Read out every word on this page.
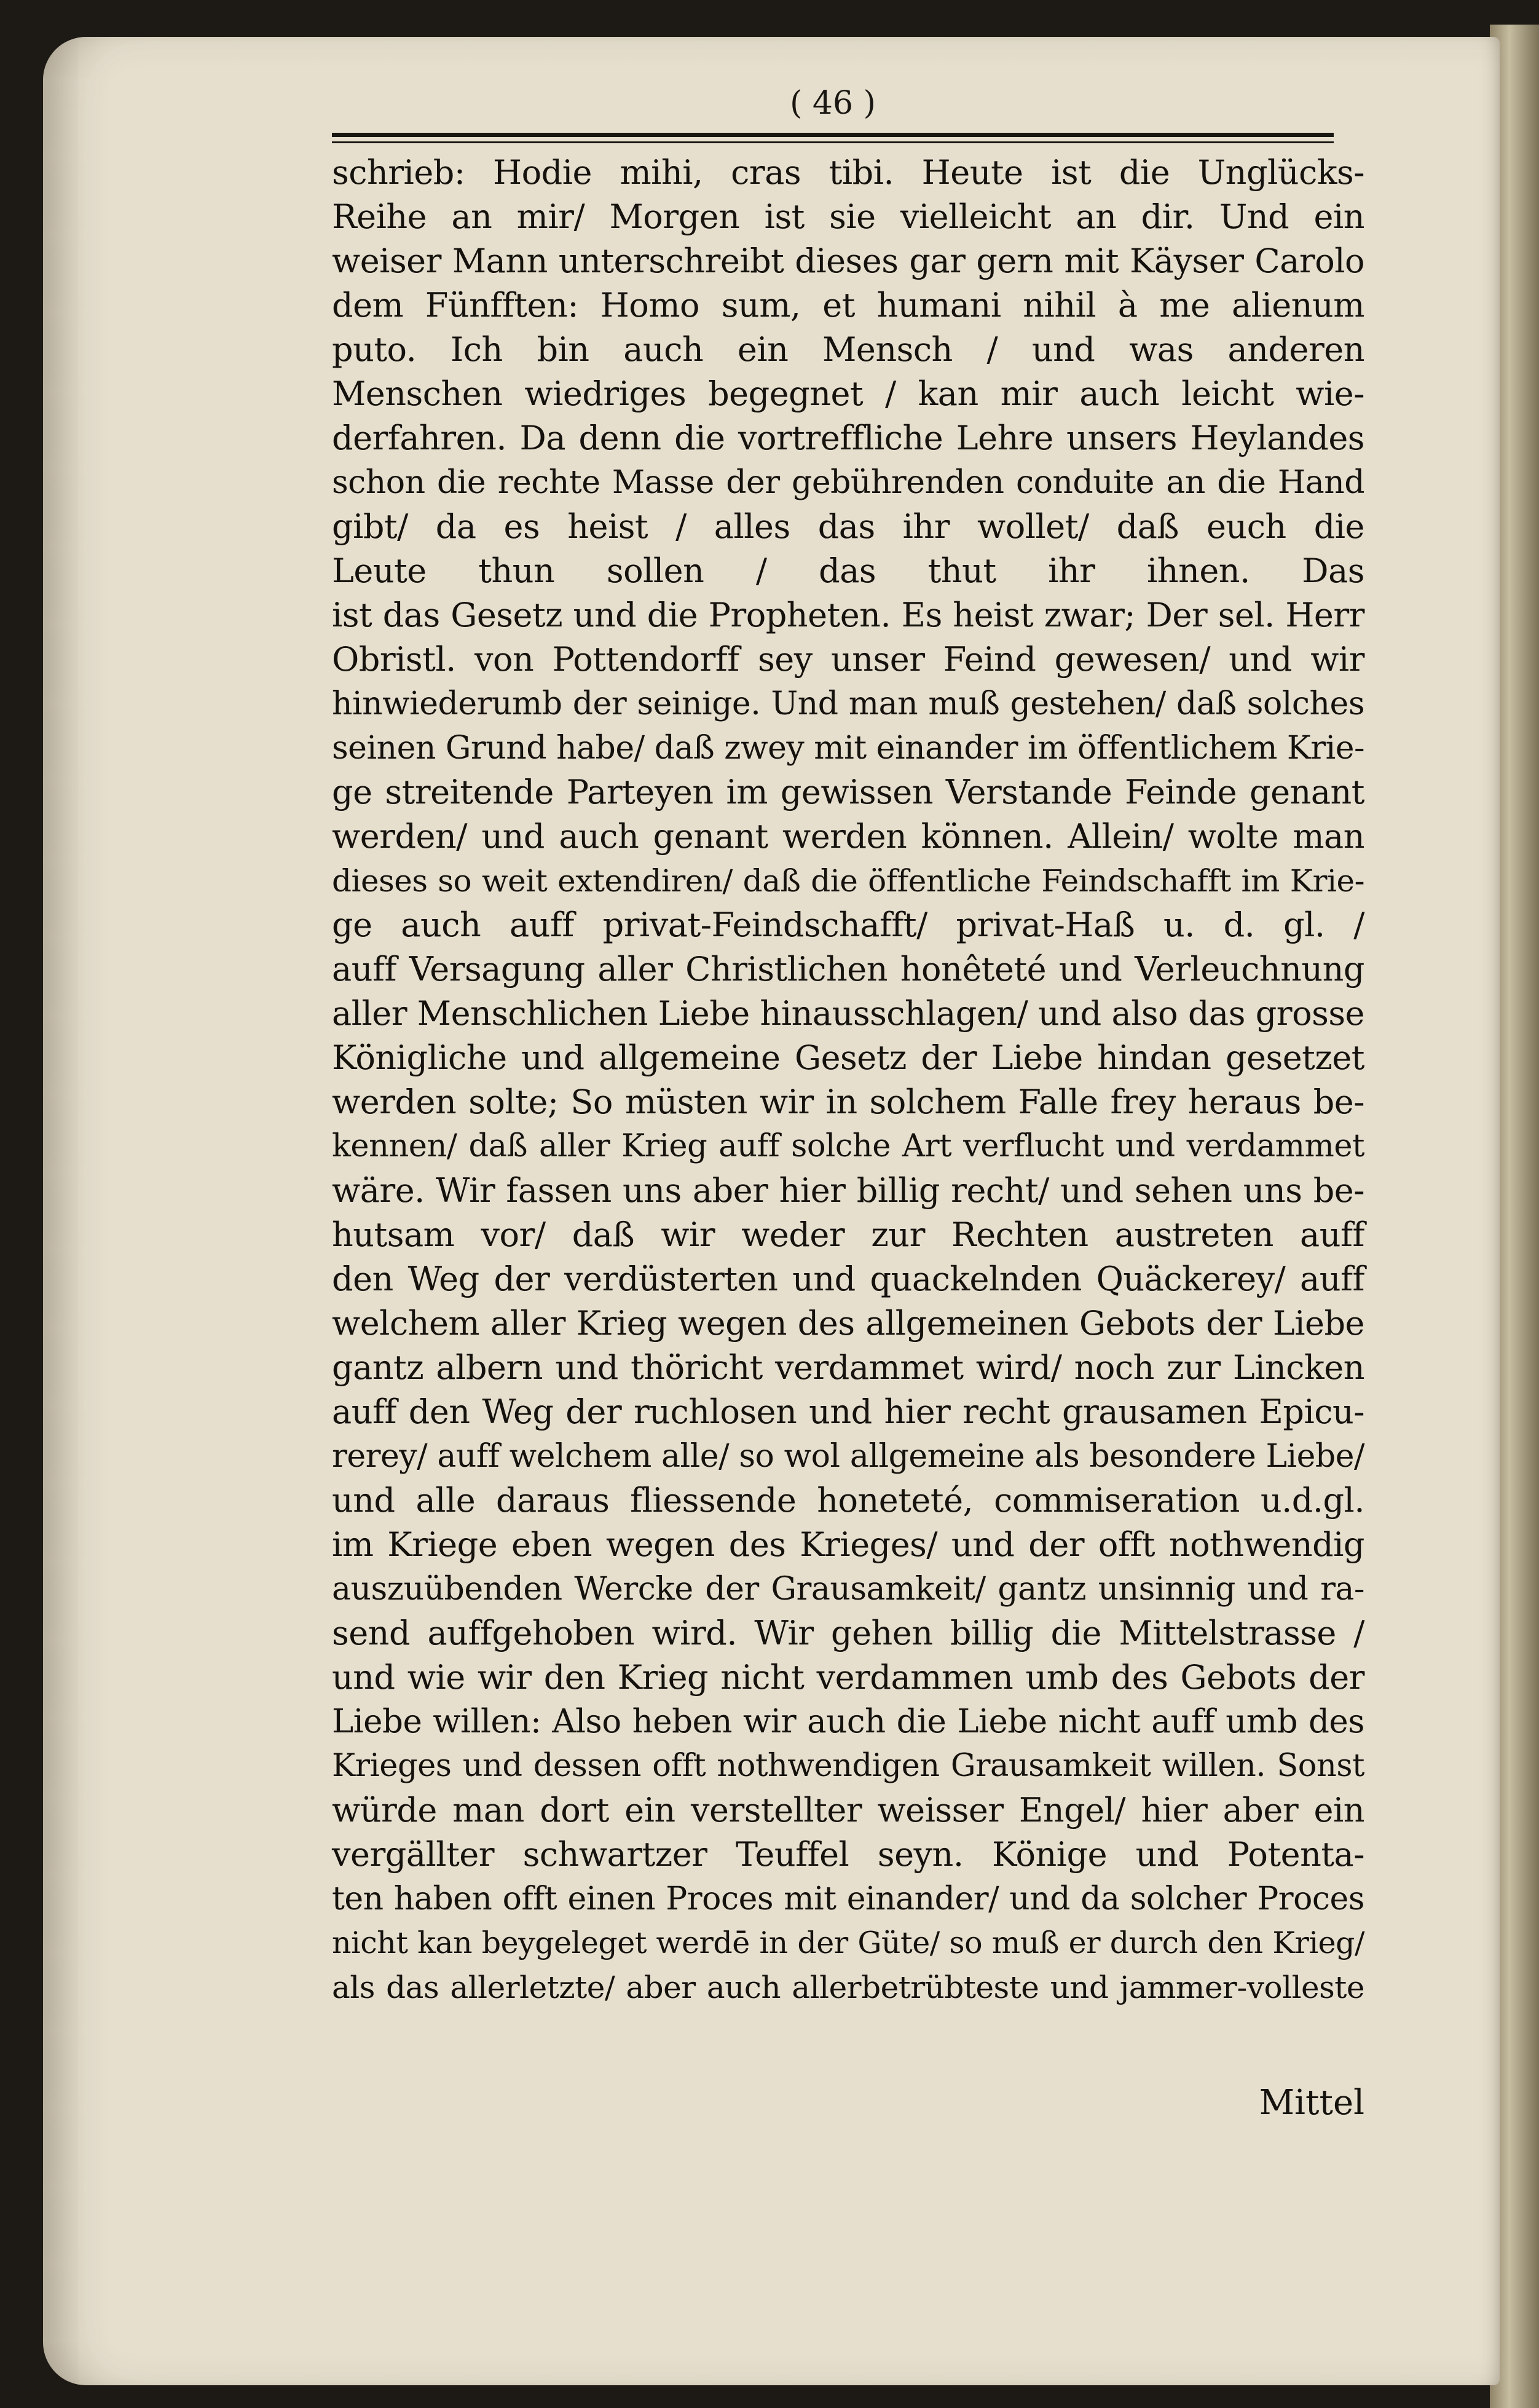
( 46 )
schrieb: Hodie mihi, cras tibi. Heute ist die Unglücks-
Reihe an mir/ Morgen ist sie vielleicht an dir. Und ein
weiser Mann unterschreibt dieses gar gern mit Käyser Carolo
dem Fünfften: Homo sum, et humani nihil à me alienum
puto. Ich bin auch ein Mensch / und was anderen
Menschen wiedriges begegnet / kan mir auch leicht wie-
derfahren. Da denn die vortreffliche Lehre unsers Heylandes
schon die rechte Masse der gebührenden conduite an die Hand
gibt/ da es heist / alles das ihr wollet/ daß euch die
Leute thun sollen / das thut ihr ihnen. Das
ist das Gesetz und die Propheten. Es heist zwar; Der sel. Herr
Obristl. von Pottendorff sey unser Feind gewesen/ und wir
hinwiederumb der seinige. Und man muß gestehen/ daß solches
seinen Grund habe/ daß zwey mit einander im öffentlichem Krie-
ge streitende Parteyen im gewissen Verstande Feinde genant
werden/ und auch genant werden können. Allein/ wolte man
dieses so weit extendiren/ daß die öffentliche Feindschafft im Krie-
ge auch auff privat-Feindschafft/ privat-Haß u. d. gl. /
auff Versagung aller Christlichen honêteté und Verleuchnung
aller Menschlichen Liebe hinausschlagen/ und also das grosse
Königliche und allgemeine Gesetz der Liebe hindan gesetzet
werden solte; So müsten wir in solchem Falle frey heraus be-
kennen/ daß aller Krieg auff solche Art verflucht und verdammet
wäre. Wir fassen uns aber hier billig recht/ und sehen uns be-
hutsam vor/ daß wir weder zur Rechten austreten auff
den Weg der verdüsterten und quackelnden Quäckerey/ auff
welchem aller Krieg wegen des allgemeinen Gebots der Liebe
gantz albern und thöricht verdammet wird/ noch zur Lincken
auff den Weg der ruchlosen und hier recht grausamen Epicu-
rerey/ auff welchem alle/ so wol allgemeine als besondere Liebe/
und alle daraus fliessende honeteté, commiseration u.d.gl.
im Kriege eben wegen des Krieges/ und der offt nothwendig
auszuübenden Wercke der Grausamkeit/ gantz unsinnig und ra-
send auffgehoben wird. Wir gehen billig die Mittelstrasse /
und wie wir den Krieg nicht verdammen umb des Gebots der
Liebe willen: Also heben wir auch die Liebe nicht auff umb des
Krieges und dessen offt nothwendigen Grausamkeit willen. Sonst
würde man dort ein verstellter weisser Engel/ hier aber ein
vergällter schwartzer Teuffel seyn. Könige und Potenta-
ten haben offt einen Proces mit einander/ und da solcher Proces
nicht kan beygeleget werdē in der Güte/ so muß er durch den Krieg/
als das allerletzte/ aber auch allerbetrübteste und jammer-volleste
Mittel
